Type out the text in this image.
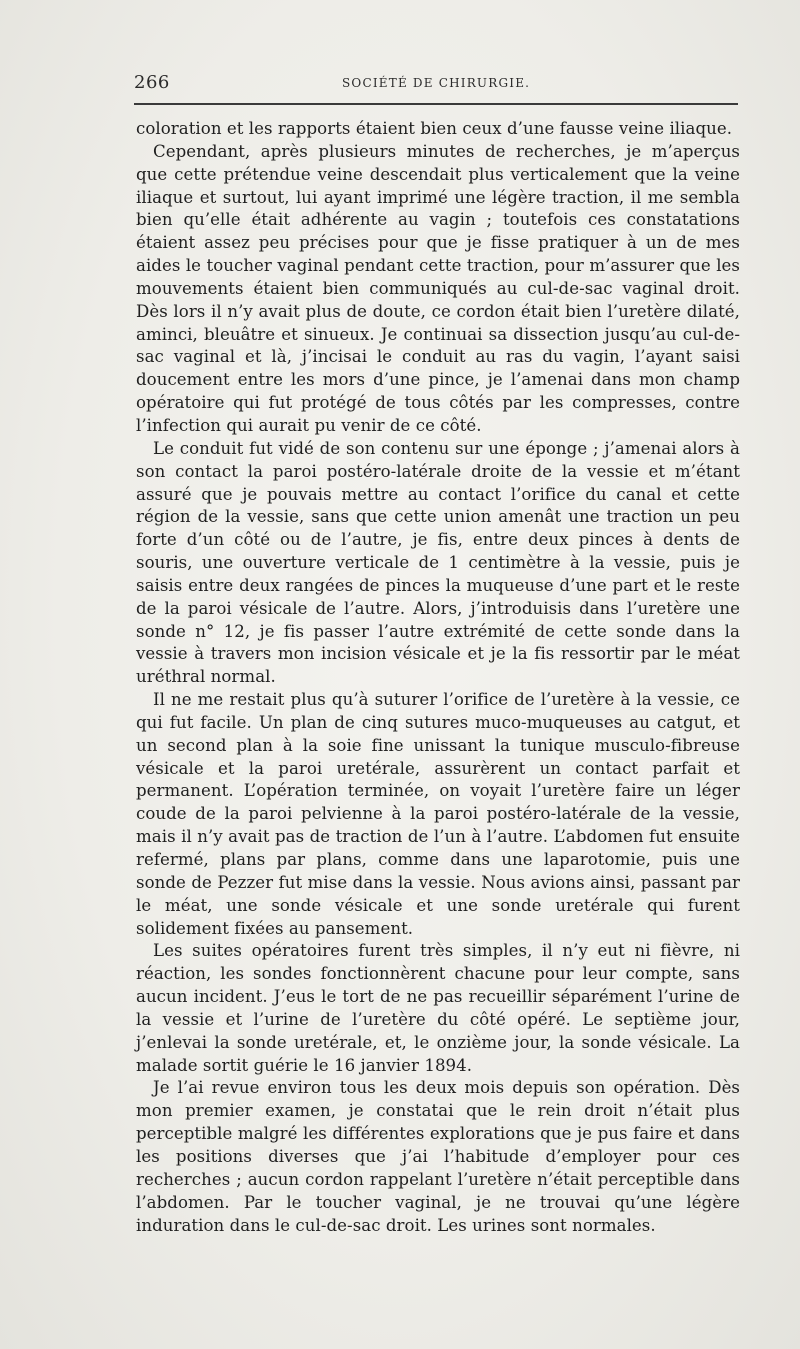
266	SOCIÉTÉ DE CHIRURGIE.

coloration et les rapports étaient bien ceux d’une fausse veine iliaque.

Cependant, après plusieurs minutes de recherches, je m’aperçus que cette prétendue veine descendait plus verticalement que la veine iliaque et surtout, lui ayant imprimé une légère traction, il me sembla bien qu’elle était adhérente au vagin ; toutefois ces constatations étaient assez peu précises pour que je fisse pratiquer à un de mes aides le toucher vaginal pendant cette traction, pour m’assurer que les mouvements étaient bien communiqués au cul-de-sac vaginal droit. Dès lors il n’y avait plus de doute, ce cordon était bien l’uretère dilaté, aminci, bleuâtre et sinueux. Je continuai sa dissection jusqu’au cul-de-sac vaginal et là, j’incisai le conduit au ras du vagin, l’ayant saisi doucement entre les mors d’une pince, je l’amenai dans mon champ opératoire qui fut protégé de tous côtés par les compresses, contre l’infection qui aurait pu venir de ce côté.

Le conduit fut vidé de son contenu sur une éponge ; j’amenai alors à son contact la paroi postéro-latérale droite de la vessie et m’étant assuré que je pouvais mettre au contact l’orifice du canal et cette région de la vessie, sans que cette union amenât une traction un peu forte d’un côté ou de l’autre, je fis, entre deux pinces à dents de souris, une ouverture verticale de 1 centimètre à la vessie, puis je saisis entre deux rangées de pinces la muqueuse d’une part et le reste de la paroi vésicale de l’autre. Alors, j’introduisis dans l’uretère une sonde n° 12, je fis passer l’autre extrémité de cette sonde dans la vessie à travers mon incision vésicale et je la fis ressortir par le méat uréthral normal.

Il ne me restait plus qu’à suturer l’orifice de l’uretère à la vessie, ce qui fut facile. Un plan de cinq sutures muco-muqueuses au catgut, et un second plan à la soie fine unissant la tunique musculo-fibreuse vésicale et la paroi uretérale, assurèrent un contact parfait et permanent. L’opération terminée, on voyait l’uretère faire un léger coude de la paroi pelvienne à la paroi postéro-latérale de la vessie, mais il n’y avait pas de traction de l’un à l’autre. L’abdomen fut ensuite refermé, plans par plans, comme dans une laparotomie, puis une sonde de Pezzer fut mise dans la vessie. Nous avions ainsi, passant par le méat, une sonde vésicale et une sonde uretérale qui furent solidement fixées au pansement.

Les suites opératoires furent très simples, il n’y eut ni fièvre, ni réaction, les sondes fonctionnèrent chacune pour leur compte, sans aucun incident. J’eus le tort de ne pas recueillir séparément l’urine de la vessie et l’urine de l’uretère du côté opéré. Le septième jour, j’enlevai la sonde uretérale, et, le onzième jour, la sonde vésicale. La malade sortit guérie le 16 janvier 1894.

Je l’ai revue environ tous les deux mois depuis son opération. Dès mon premier examen, je constatai que le rein droit n’était plus perceptible malgré les différentes explorations que je pus faire et dans les positions diverses que j’ai l’habitude d’employer pour ces recherches ; aucun cordon rappelant l’uretère n’était perceptible dans l’abdomen. Par le toucher vaginal, je ne trouvai qu’une légère induration dans le cul-de-sac droit. Les urines sont normales.
